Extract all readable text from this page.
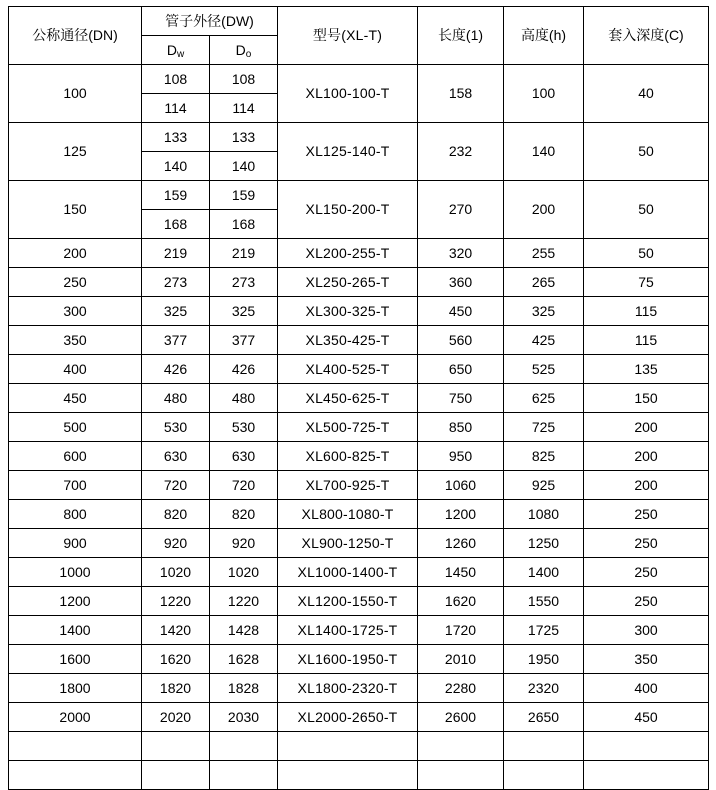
公称通径(DN)	管子外径(DW)		型号(XL-T)	长度(1)	高度(h)	套入深度(C)
	$D_w$	$D_o$
100	108	108	XL100-100-T	158	100	40
	114	114				
125	133	133	XL125-140-T	232	140	50
	140	140				
150	159	159	XL150-200-T	270	200	50
	168	168				
200	219	219	XL200-255-T	320	255	50
250	273	273	XL250-265-T	360	265	75
300	325	325	XL300-325-T	450	325	115
350	377	377	XL350-425-T	560	425	115
400	426	426	XL400-525-T	650	525	135
450	480	480	XL450-625-T	750	625	150
500	530	530	XL500-725-T	850	725	200
600	630	630	XL600-825-T	950	825	200
700	720	720	XL700-925-T	1060	925	200
800	820	820	XL800-1080-T	1200	1080	250
900	920	920	XL900-1250-T	1260	1250	250
1000	1020	1020	XL1000-1400-T	1450	1400	250
1200	1220	1220	XL1200-1550-T	1620	1550	250
1400	1420	1428	XL1400-1725-T	1720	1725	300
1600	1620	1628	XL1600-1950-T	2010	1950	350
1800	1820	1828	XL1800-2320-T	2280	2320	400
2000	2020	2030	XL2000-2650-T	2600	2650	450
